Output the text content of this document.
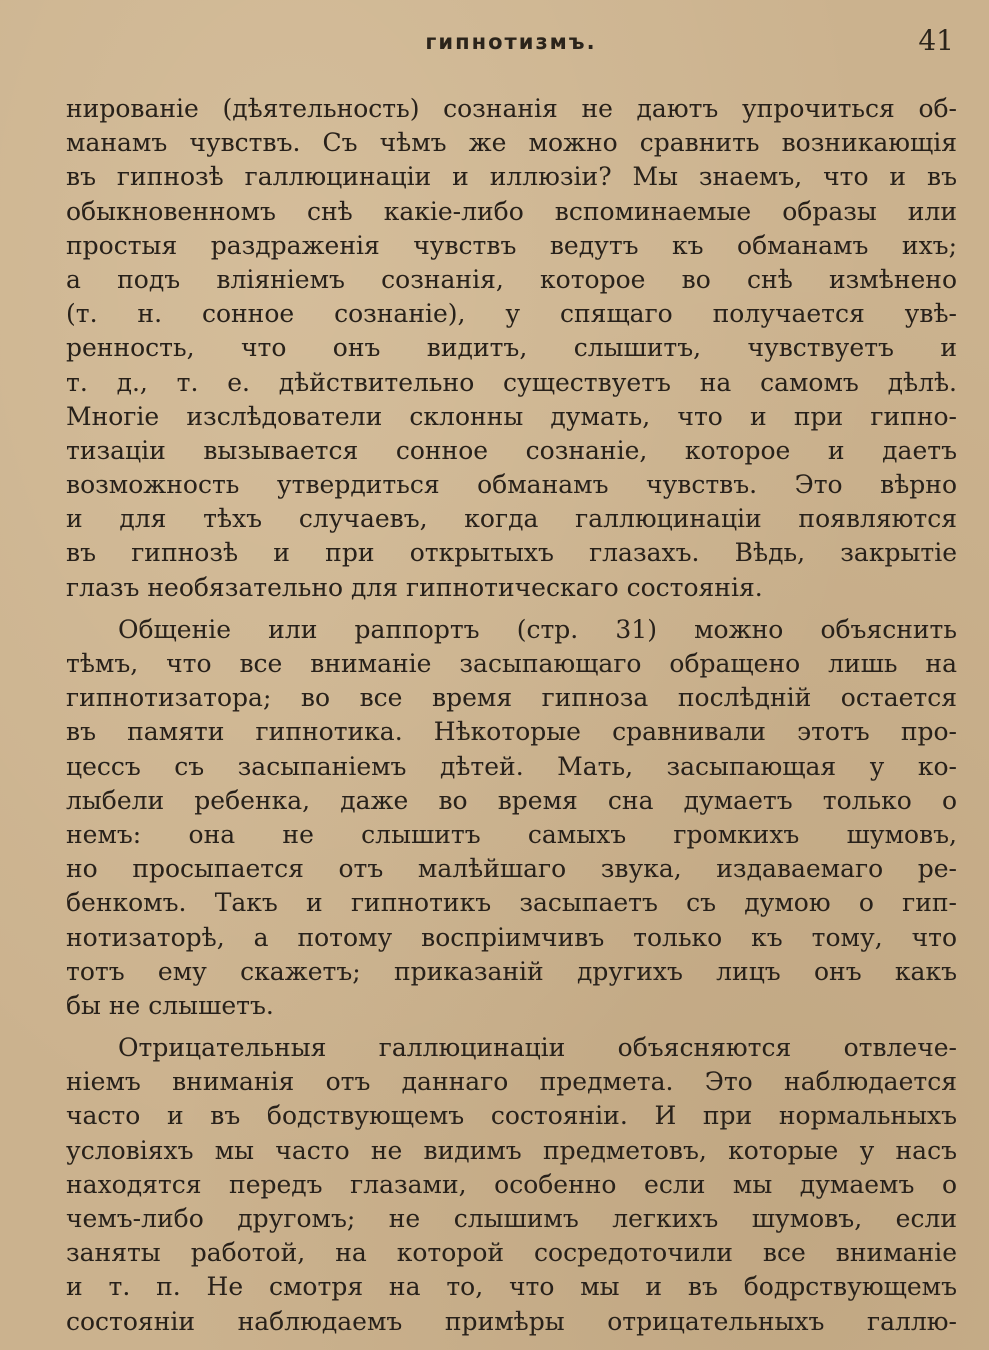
гипнотизмъ.	41
нированіе (дѣятельность) сознанія не даютъ упрочиться об-
манамъ чувствъ. Съ чѣмъ же можно сравнить возникающія
въ гипнозѣ галлюцинаціи и иллюзіи? Мы знаемъ, что и въ
обыкновенномъ снѣ какіе-либо вспоминаемые образы или
простыя раздраженія чувствъ ведутъ къ обманамъ ихъ;
а подъ вліяніемъ сознанія, которое во снѣ измѣнено
(т. н. сонное сознаніе), у спящаго получается увѣ-
ренность, что онъ видитъ, слышитъ, чувствуетъ и
т. д., т. е. дѣйствительно существуетъ на самомъ дѣлѣ.
Многіе изслѣдователи склонны думать, что и при гипно-
тизаціи вызывается сонное сознаніе, которое и даетъ
возможность утвердиться обманамъ чувствъ. Это вѣрно
и для тѣхъ случаевъ, когда галлюцинаціи появляются
въ гипнозѣ и при открытыхъ глазахъ. Вѣдь, закрытіе
глазъ необязательно для гипнотическаго состоянія.
Общеніе или раппортъ (стр. 31) можно объяснить
тѣмъ, что все вниманіе засыпающаго обращено лишь на
гипнотизатора; во все время гипноза послѣдній остается
въ памяти гипнотика. Нѣкоторые сравнивали этотъ про-
цессъ съ засыпаніемъ дѣтей. Мать, засыпающая у ко-
лыбели ребенка, даже во время сна думаетъ только о
немъ: она не слышитъ самыхъ громкихъ шумовъ,
но просыпается отъ малѣйшаго звука, издаваемаго ре-
бенкомъ. Такъ и гипнотикъ засыпаетъ съ думою о гип-
нотизаторѣ, а потому воспріимчивъ только къ тому, что
тотъ ему скажетъ; приказаній другихъ лицъ онъ какъ
бы не слышетъ.
Отрицательныя галлюцинаціи объясняются отвлече-
ніемъ вниманія отъ даннаго предмета. Это наблюдается
часто и въ бодствующемъ состояніи. И при нормальныхъ
условіяхъ мы часто не видимъ предметовъ, которые у насъ
находятся передъ глазами, особенно если мы думаемъ о
чемъ-либо другомъ; не слышимъ легкихъ шумовъ, если
заняты работой, на которой сосредоточили все вниманіе
и т. п. Не смотря на то, что мы и въ бодрствующемъ
состояніи наблюдаемъ примѣры отрицательныхъ галлю-
